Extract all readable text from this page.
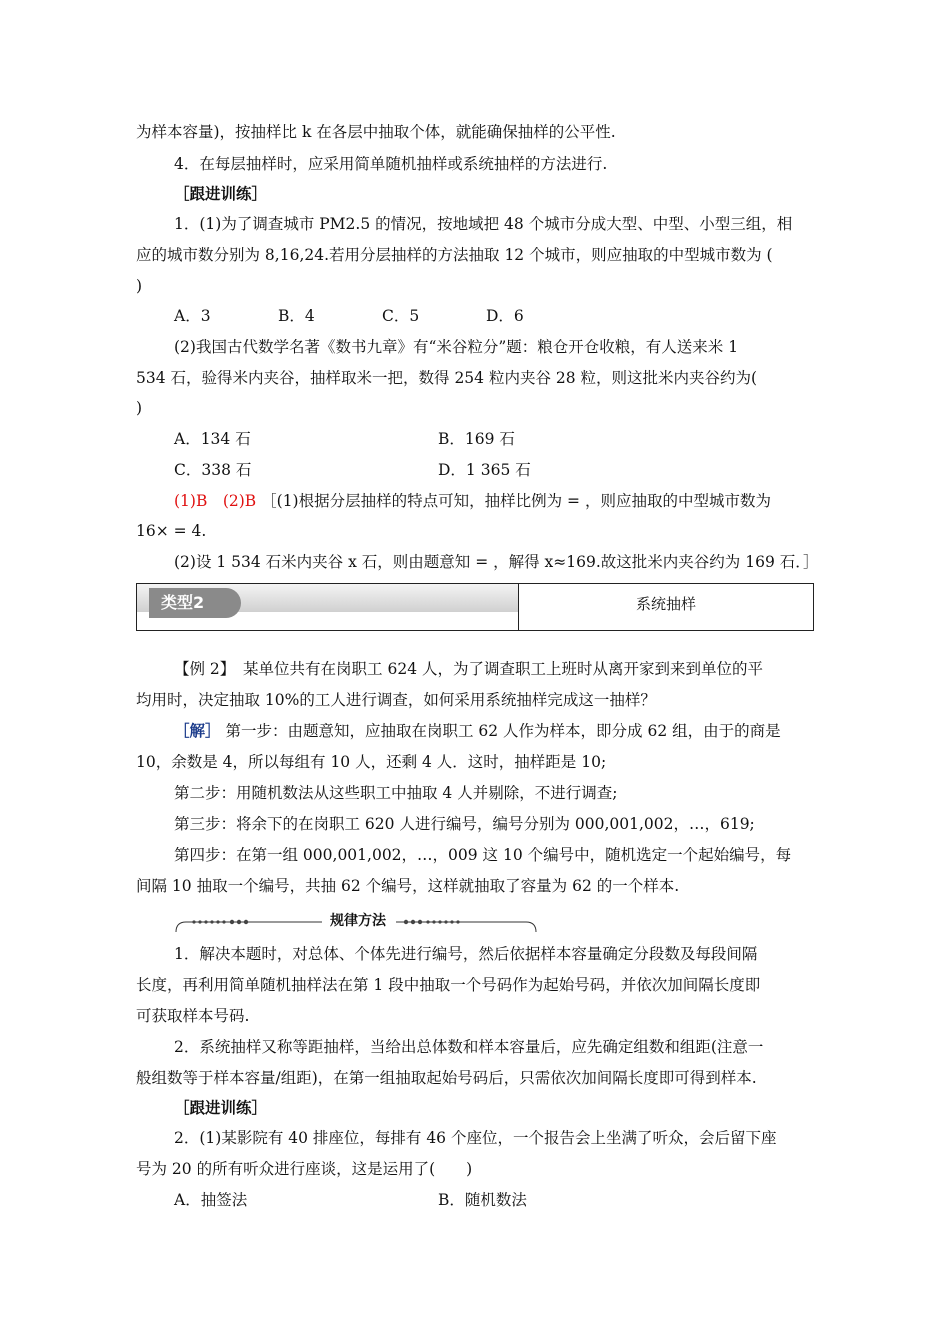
为样本容量)，按抽样比 k 在各层中抽取个体，就能确保抽样的公平性.
4．在每层抽样时，应采用简单随机抽样或系统抽样的方法进行.
［跟进训练］
1．(1)为了调查城市 PM2.5 的情况，按地域把 48 个城市分成大型、中型、小型三组，相
应的城市数分别为 8,16,24.若用分层抽样的方法抽取 12 个城市，则应抽取的中型城市数为 (
)
A．3	B．4	C．5	D．6
(2)我国古代数学名著《数书九章》有“米谷粒分”题：粮仓开仓收粮，有人送来米 1
534 石，验得米内夹谷，抽样取米一把，数得 254 粒内夹谷 28 粒，则这批米内夹谷约为(
)
A．134 石	B．169 石
C．338 石	D．1 365 石
(1)B　(2)B ［(1)根据分层抽样的特点可知，抽样比例为 = ，则应抽取的中型城市数为
16× = 4.
(2)设 1 534 石米内夹谷 x 石，则由题意知 = ，解得 x≈169.故这批米内夹谷约为 169 石．］
类型2	系统抽样
【例 2】　某单位共有在岗职工 624 人，为了调查职工上班时从离开家到来到单位的平
均用时，决定抽取 10%的工人进行调查，如何采用系统抽样完成这一抽样？
［解］ 第一步：由题意知，应抽取在岗职工 62 人作为样本，即分成 62 组，由于的商是
10，余数是 4，所以每组有 10 人，还剩 4 人．这时，抽样距是 10;
第二步：用随机数法从这些职工中抽取 4 人并剔除，不进行调查;
第三步：将余下的在岗职工 620 人进行编号，编号分别为 000,001,002，…，619;
第四步：在第一组 000,001,002，…，009 这 10 个编号中，随机选定一个起始编号，每
间隔 10 抽取一个编号，共抽 62 个编号，这样就抽取了容量为 62 的一个样本.
规律方法
1．解决本题时，对总体、个体先进行编号，然后依据样本容量确定分段数及每段间隔
长度，再利用简单随机抽样法在第 1 段中抽取一个号码作为起始号码，并依次加间隔长度即
可获取样本号码.
2．系统抽样又称等距抽样，当给出总体数和样本容量后，应先确定组数和组距(注意一
般组数等于样本容量/组距)，在第一组抽取起始号码后，只需依次加间隔长度即可得到样本.
［跟进训练］
2．(1)某影院有 40 排座位，每排有 46 个座位，一个报告会上坐满了听众，会后留下座
号为 20 的所有听众进行座谈，这是运用了(　　)
A．抽签法	B．随机数法
